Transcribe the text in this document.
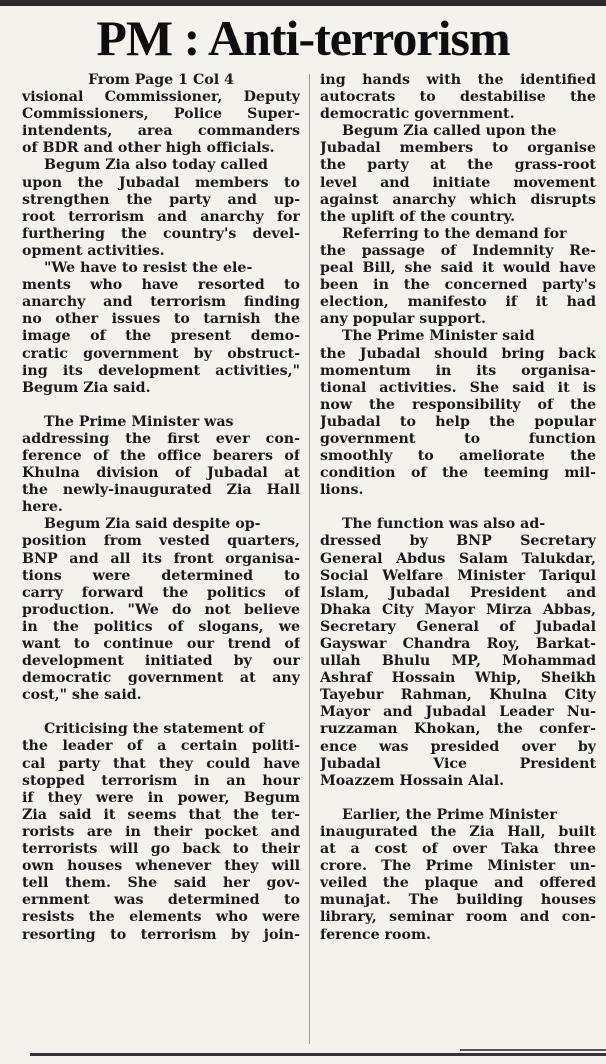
PM : Anti-terrorism
From Page 1 Col 4
visional Commissioner, Deputy
Commissioners, Police Super-
intendents, area commanders
of BDR and other high officials.
Begum Zia also today called
upon the Jubadal members to
strengthen the party and up-
root terrorism and anarchy for
furthering the country's devel-
opment activities.
"We have to resist the ele-
ments who have resorted to
anarchy and terrorism finding
no other issues to tarnish the
image of the present demo-
cratic government by obstruct-
ing its development activities,"
Begum Zia said.
The Prime Minister was
addressing the first ever con-
ference of the office bearers of
Khulna division of Jubadal at
the newly-inaugurated Zia Hall
here.
Begum Zia said despite op-
position from vested quarters,
BNP and all its front organisa-
tions were determined to
carry forward the politics of
production. "We do not believe
in the politics of slogans, we
want to continue our trend of
development initiated by our
democratic government at any
cost," she said.
Criticising the statement of
the leader of a certain politi-
cal party that they could have
stopped terrorism in an hour
if they were in power, Begum
Zia said it seems that the ter-
rorists are in their pocket and
terrorists will go back to their
own houses whenever they will
tell them. She said her gov-
ernment was determined to
resists the elements who were
resorting to terrorism by join-
ing hands with the identified
autocrats to destabilise the
democratic government.
Begum Zia called upon the
Jubadal members to organise
the party at the grass-root
level and initiate movement
against anarchy which disrupts
the uplift of the country.
Referring to the demand for
the passage of Indemnity Re-
peal Bill, she said it would have
been in the concerned party's
election, manifesto if it had
any popular support.
The Prime Minister said
the Jubadal should bring back
momentum in its organisa-
tional activities. She said it is
now the responsibility of the
Jubadal to help the popular
government to function
smoothly to ameliorate the
condition of the teeming mil-
lions.
The function was also ad-
dressed by BNP Secretary
General Abdus Salam Talukdar,
Social Welfare Minister Tariqul
Islam, Jubadal President and
Dhaka City Mayor Mirza Abbas,
Secretary General of Jubadal
Gayswar Chandra Roy, Barkat-
ullah Bhulu MP, Mohammad
Ashraf Hossain Whip, Sheikh
Tayebur Rahman, Khulna City
Mayor and Jubadal Leader Nu-
ruzzaman Khokan, the confer-
ence was presided over by
Jubadal Vice President
Moazzem Hossain Alal.
Earlier, the Prime Minister
inaugurated the Zia Hall, built
at a cost of over Taka three
crore. The Prime Minister un-
veiled the plaque and offered
munajat. The building houses
library, seminar room and con-
ference room.
